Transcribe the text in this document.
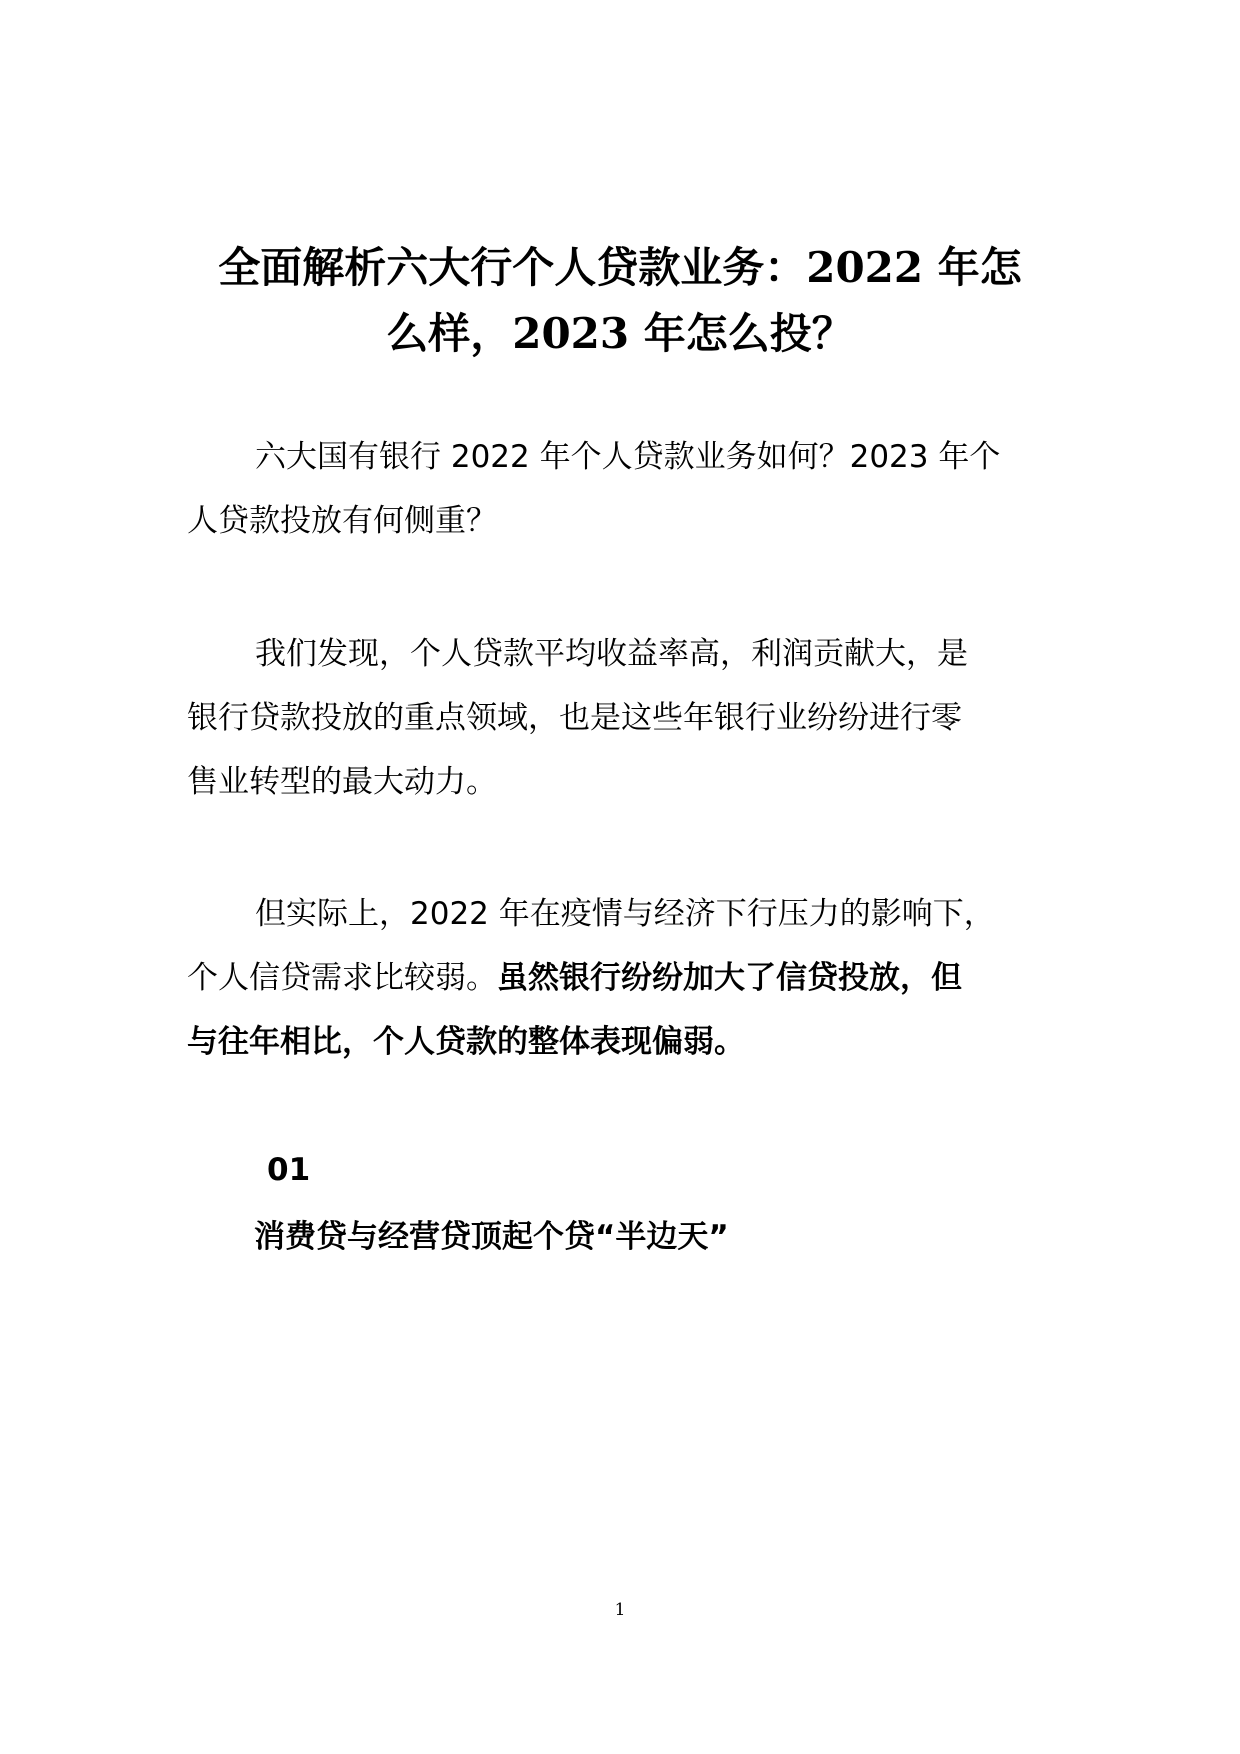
全面解析六大行个人贷款业务：2022 年怎
么样，2023 年怎么投？

六大国有银行 2022 年个人贷款业务如何？2023 年个
人贷款投放有何侧重？

我们发现，个人贷款平均收益率高，利润贡献大，是
银行贷款投放的重点领域，也是这些年银行业纷纷进行零
售业转型的最大动力。

但实际上，2022 年在疫情与经济下行压力的影响下，
个人信贷需求比较弱。虽然银行纷纷加大了信贷投放，但
与往年相比，个人贷款的整体表现偏弱。

01

消费贷与经营贷顶起个贷“半边天”

1
